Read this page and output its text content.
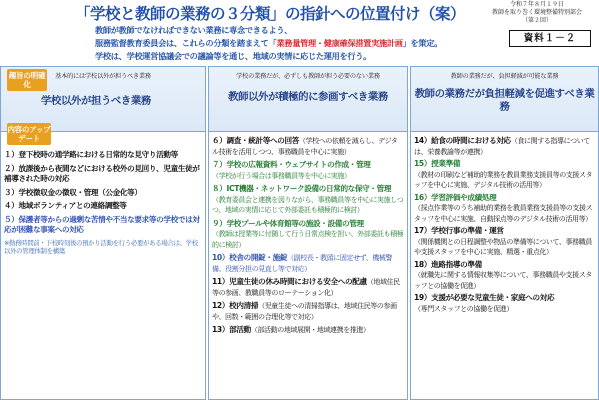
「学校と教師の業務の３分類」の指針への位置付け（案）
教師が教師でなければできない業務に専念できるよう、
服務監督教育委員会は、これらの分類を踏まえて「業務量管理・健康確保措置実施計画」を策定。
学校は、学校運営協議会での議論等を通じ、地域の実情に応じた運用を行う。
令和７年８月１９日
教師を取り巻く環境整備特別部会
（第２回）
資料１－２
基本的には学校以外が担うべき業務
趣旨の明確化
学校以外が担うべき業務
内容のアップデート
１）登下校時の通学路における日常的な見守り活動等
２）放課後から夜間などにおける校外の見回り、児童生徒が補導された時の対応
３）学校徴収金の徴収・管理（公金化等）
４）地域ボランティアとの連絡調整等
５）保護者等からの過剰な苦情や不当な要求等の学校では対応が困難な事案への対応
※勤務時間前・下校時刻後の預かり活動を行う必要がある場合は、学校以外の管理体制を構築
学校の業務だが、必ずしも教師が担う必要のない業務
教師以外が積極的に参画すべき業務
６）調査・統計等への回答（学校への依頼を減らし、デジタル技術を活用しつつ、事務職員を中心に実施）
７）学校の広報資料・ウェブサイトの作成・管理
（学校が行う場合は事務職員等を中心に実施）
８）ICT機器・ネットワーク設備の日常的な保守・管理
（教育委員会と連携を図りながら、事務職員等を中心に実施しつつ、地域の実情に応じて外部委託も積極的に検討）
９）学校プールや体育館等の施設・設備の管理
（教師は授業等に付随して行う日常点検を担い、外部委託も積極的に検討）
10）校舎の開錠・施錠（副校長・教頭に固定せず、機械警備、役割分担の見直し等で対応）
11）児童生徒の休み時間における安全への配慮（地域住民等の参画、教職員等のローテーション化）
12）校内清掃（児童生徒への清掃指導は、地域住民等の参画や、回数・範囲の合理化等で対応）
13）部活動（部活動の地域展開・地域連携を推進）
教師の業務だが、負担軽減が可能な業務
教師の業務だが負担軽減を促進すべき業務
14）給食の時間における対応（食に関する指導については、栄養教諭等が連携）
15）授業準備
（教材の印刷など補助的業務を教員業務支援員等の支援スタッフを中心に実施、デジタル技術の活用等）
16）学習評価や成績処理
（採点作業等のうち補助的業務を教員業務支援員等の支援スタッフを中心に実施、自動採点等のデジタル技術の活用等）
17）学校行事の準備・運営
（関係機関との日程調整や物品の準備等について、事務職員や支援スタッフを中心に実施、精選・重点化）
18）進路指導の準備
（就職先に関する情報収集等について、事務職員や支援スタッフとの協働を促進）
19）支援が必要な児童生徒・家庭への対応
（専門スタッフとの協働を促進）
